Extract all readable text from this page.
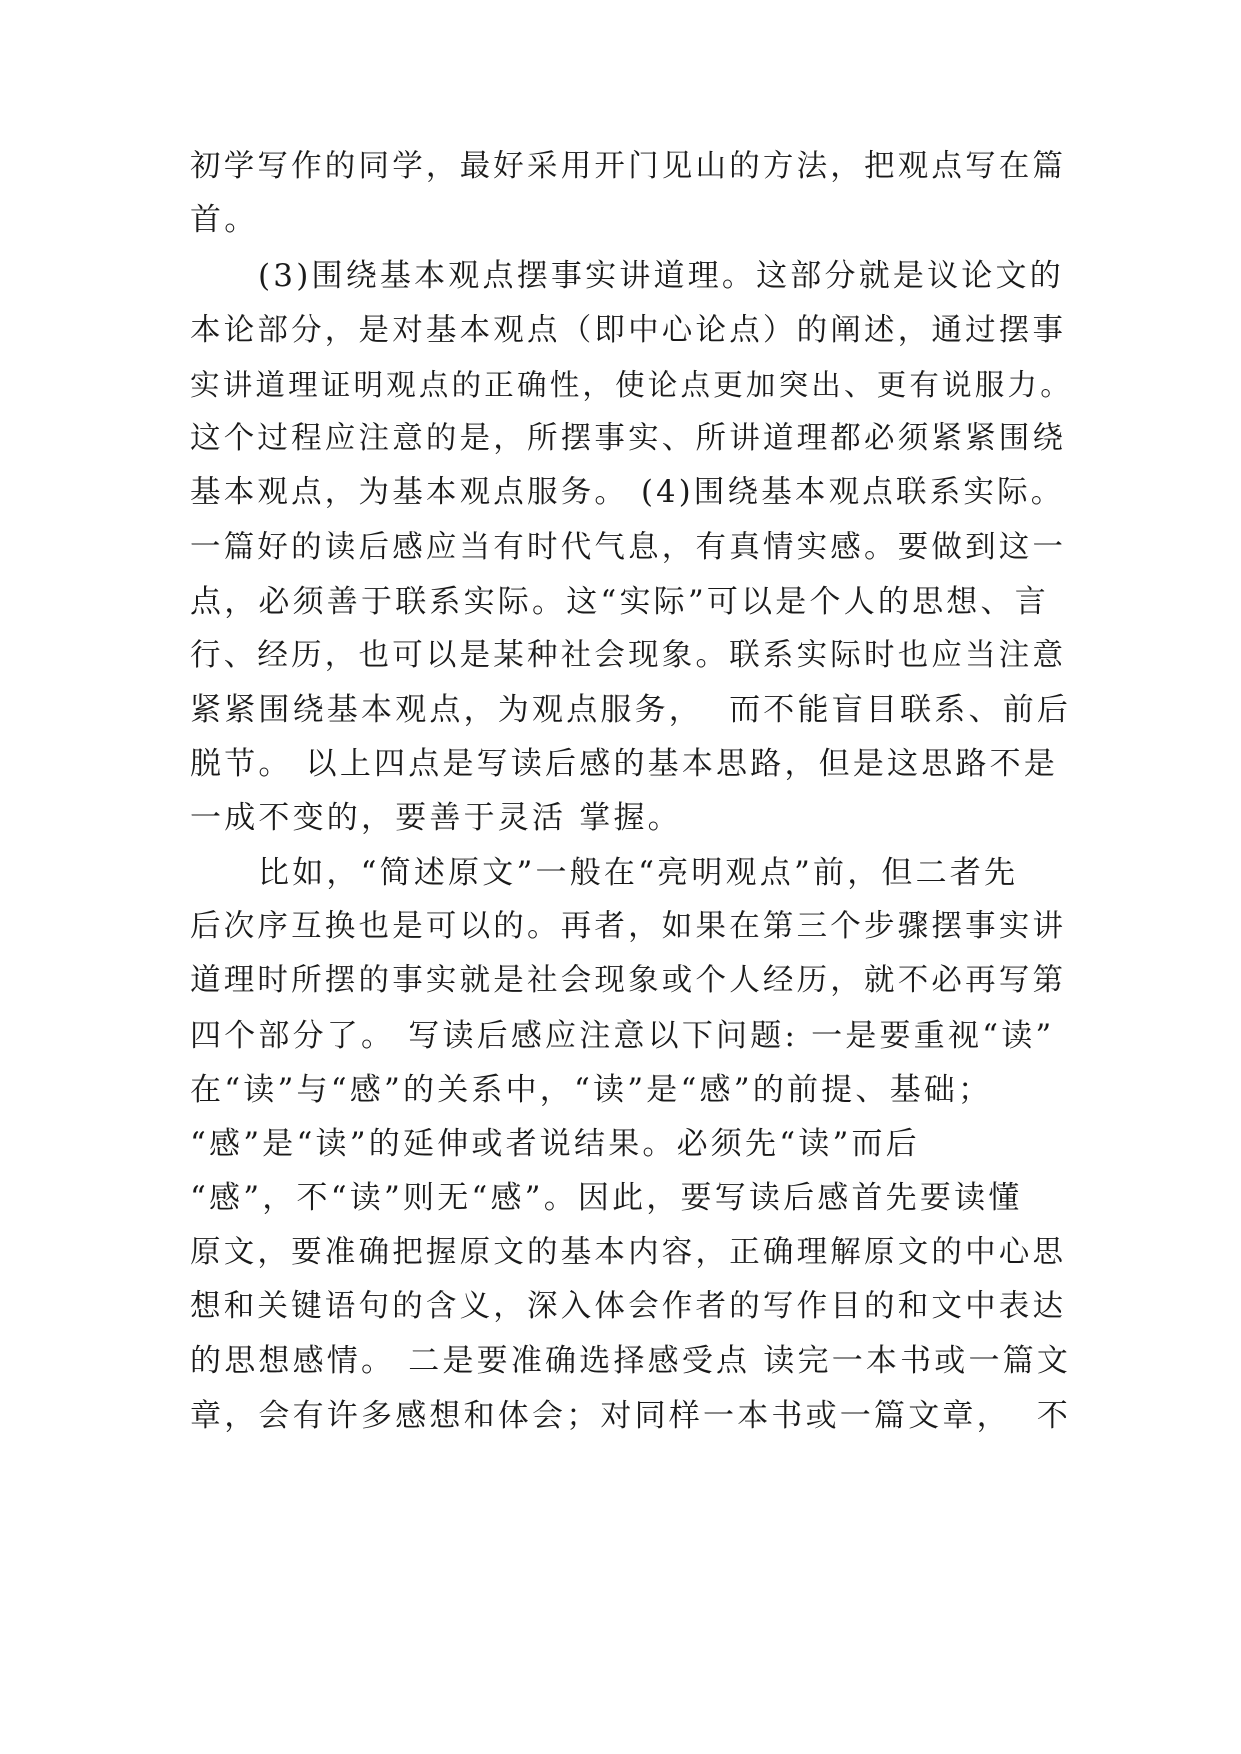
初学写作的同学，最好采用开门见山的方法，把观点写在篇
首。
(3)围绕基本观点摆事实讲道理。这部分就是议论文的
本论部分，是对基本观点（即中心论点）的阐述，通过摆事
实讲道理证明观点的正确性，使论点更加突出、更有说服力。
这个过程应注意的是，所摆事实、所讲道理都必须紧紧围绕
基本观点，为基本观点服务。 (4)围绕基本观点联系实际。
一篇好的读后感应当有时代气息，有真情实感。要做到这一
点，必须善于联系实际。这“实际”可以是个人的思想、言
行、经历，也可以是某种社会现象。联系实际时也应当注意
紧紧围绕基本观点，为观点服务，  而不能盲目联系、前后
脱节。 以上四点是写读后感的基本思路，但是这思路不是
一成不变的，要善于灵活 掌握。
比如，“简述原文”一般在“亮明观点”前，但二者先
后次序互换也是可以的。再者，如果在第三个步骤摆事实讲
道理时所摆的事实就是社会现象或个人经历，就不必再写第
四个部分了。 写读后感应注意以下问题: 一是要重视“读”
在“读”与“感”的关系中，“读”是“感”的前提、基础；
“感”是“读”的延伸或者说结果。必须先“读”而后
“感”，不“读”则无“感”。因此，要写读后感首先要读懂
原文，要准确把握原文的基本内容，正确理解原文的中心思
想和关键语句的含义，深入体会作者的写作目的和文中表达
的思想感情。 二是要准确选择感受点 读完一本书或一篇文
章，会有许多感想和体会；对同样一本书或一篇文章，  不
